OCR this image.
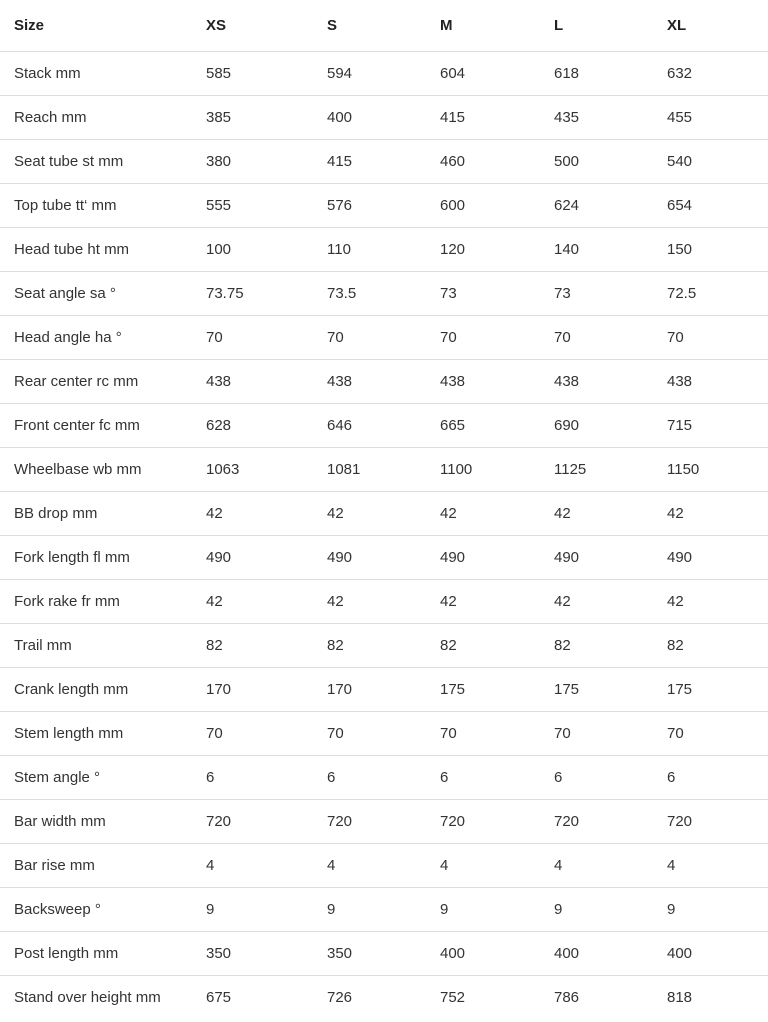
Size	XS	S	M	L	XL
Stack mm	585	594	604	618	632
Reach mm	385	400	415	435	455
Seat tube st mm	380	415	460	500	540
Top tube tt‘ mm	555	576	600	624	654
Head tube ht mm	100	110	120	140	150
Seat angle sa °	73.75	73.5	73	73	72.5
Head angle ha °	70	70	70	70	70
Rear center rc mm	438	438	438	438	438
Front center fc mm	628	646	665	690	715
Wheelbase wb mm	1063	1081	1100	1125	1150
BB drop mm	42	42	42	42	42
Fork length fl mm	490	490	490	490	490
Fork rake fr mm	42	42	42	42	42
Trail mm	82	82	82	82	82
Crank length mm	170	170	175	175	175
Stem length mm	70	70	70	70	70
Stem angle °	6	6	6	6	6
Bar width mm	720	720	720	720	720
Bar rise mm	4	4	4	4	4
Backsweep °	9	9	9	9	9
Post length mm	350	350	400	400	400
Stand over height mm	675	726	752	786	818
